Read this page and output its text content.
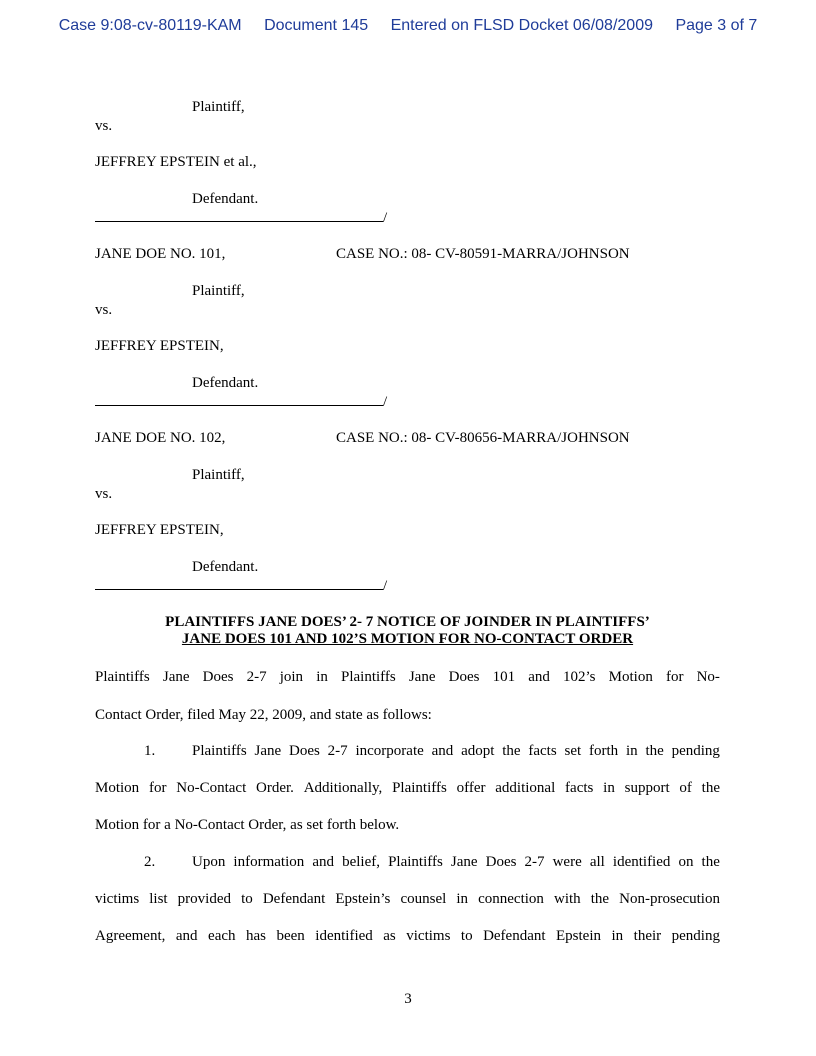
Case 9:08-cv-80119-KAM Document 145 Entered on FLSD Docket 06/08/2009 Page 3 of 7
Plaintiff,
vs.
JEFFREY EPSTEIN et al.,
Defendant.
/
JANE DOE NO. 101,	CASE NO.: 08- CV-80591-MARRA/JOHNSON
Plaintiff,
vs.
JEFFREY EPSTEIN,
Defendant.
/
JANE DOE NO. 102,	CASE NO.: 08- CV-80656-MARRA/JOHNSON
Plaintiff,
vs.
JEFFREY EPSTEIN,
Defendant.
/
PLAINTIFFS JANE DOES’ 2- 7 NOTICE OF JOINDER IN PLAINTIFFS’
JANE DOES 101 AND 102’S MOTION FOR NO-CONTACT ORDER
Plaintiffs Jane Does 2-7 join in Plaintiffs Jane Does 101 and 102’s Motion for No-
Contact Order, filed May 22, 2009, and state as follows:
1. Plaintiffs Jane Does 2-7 incorporate and adopt the facts set forth in the pending
Motion for No-Contact Order. Additionally, Plaintiffs offer additional facts in support of the
Motion for a No-Contact Order, as set forth below.
2. Upon information and belief, Plaintiffs Jane Does 2-7 were all identified on the
victims list provided to Defendant Epstein’s counsel in connection with the Non-prosecution
Agreement, and each has been identified as victims to Defendant Epstein in their pending
3
